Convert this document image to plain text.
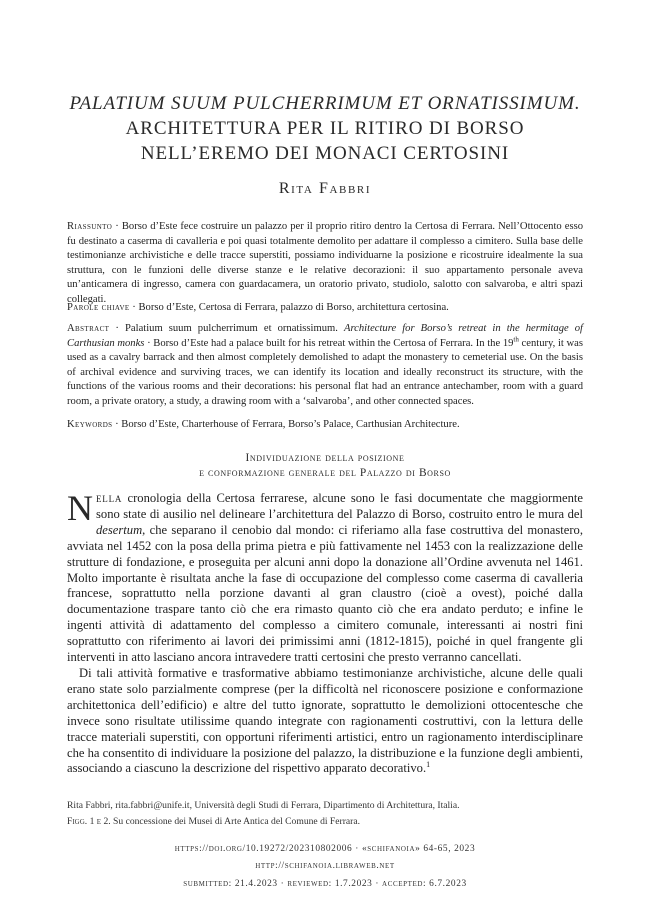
PALATIUM SUUM PULCHERRIMUM ET ORNATISSIMUM.
ARCHITETTURA PER IL RITIRO DI BORSO
NELL’EREMO DEI MONACI CERTOSINI
Rita Fabbri
Riassunto · Borso d’Este fece costruire un palazzo per il proprio ritiro dentro la Certosa di Ferrara. Nell’Ottocento esso fu destinato a caserma di cavalleria e poi quasi totalmente demolito per adattare il complesso a cimitero. Sulla base delle testimonianze archivistiche e delle tracce superstiti, possiamo individuarne la posizione e ricostruire idealmente la sua struttura, con le funzioni delle diverse stanze e le relative decorazioni: il suo appartamento personale aveva un’anticamera di ingresso, camera con guardacamera, un oratorio privato, studiolo, salotto con salvaroba, e altri spazi collegati.
Parole chiave · Borso d’Este, Certosa di Ferrara, palazzo di Borso, architettura certosina.
Abstract · Palatium suum pulcherrimum et ornatissimum. Architecture for Borso’s retreat in the hermitage of Carthusian monks · Borso d’Este had a palace built for his retreat within the Certosa of Ferrara. In the 19th century, it was used as a cavalry barrack and then almost completely demolished to adapt the monastery to cemeterial use. On the basis of archival evidence and surviving traces, we can identify its location and ideally reconstruct its structure, with the functions of the various rooms and their decorations: his personal flat had an entrance antechamber, room with a guard room, a private oratory, a study, a drawing room with a ‘salvaroba’, and other connected spaces.
Keywords · Borso d’Este, Charterhouse of Ferrara, Borso’s Palace, Carthusian Architecture.
Individuazione della posizione
e conformazione generale del Palazzo di Borso

Nella cronologia della Certosa ferrarese, alcune sono le fasi documentate che maggiormente sono state di ausilio nel delineare l’architettura del Palazzo di Borso, costruito entro le mura del desertum, che separano il cenobio dal mondo: ci riferiamo alla fase costruttiva del monastero, avviata nel 1452 con la posa della prima pietra e più fattivamente nel 1453 con la realizzazione delle strutture di fondazione, e proseguita per alcuni anni dopo la donazione all’Ordine avvenuta nel 1461. Molto importante è risultata anche la fase di occupazione del complesso come caserma di cavalleria francese, soprattutto nella porzione davanti al gran claustro (cioè a ovest), poiché dalla documentazione traspare tanto ciò che era rimasto quanto ciò che era andato perduto; e infine le ingenti attività di adattamento del complesso a cimitero comunale, interessanti ai nostri fini soprattutto con riferimento ai lavori dei primissimi anni (1812-1815), poiché in quel frangente gli interventi in atto lasciano ancora intravedere tratti certosini che presto verranno cancellati.

Di tali attività formative e trasformative abbiamo testimonianze archivistiche, alcune delle quali erano state solo parzialmente comprese (per la difficoltà nel riconoscere posizione e conformazione architettonica dell’edificio) e altre del tutto ignorate, soprattutto le demolizioni ottocentesche che invece sono risultate utilissime quando integrate con ragionamenti costruttivi, con la lettura delle tracce materiali superstiti, con opportuni riferimenti artistici, entro un ragionamento interdisciplinare che ha consentito di individuare la posizione del palazzo, la distribuzione e la funzione degli ambienti, associando a ciascuno la descrizione del rispettivo apparato decorativo.$^1$

Rita Fabbri, rita.fabbri@unife.it, Università degli Studi di Ferrara, Dipartimento di Architettura, Italia.
Figg. 1 e 2. Su concessione dei Musei di Arte Antica del Comune di Ferrara.
https://doi.org/10.19272/202310802006 · «schifanoia» 64-65, 2023
http://schifanoia.libraweb.net
submitted: 21.4.2023 · reviewed: 1.7.2023 · accepted: 6.7.2023
